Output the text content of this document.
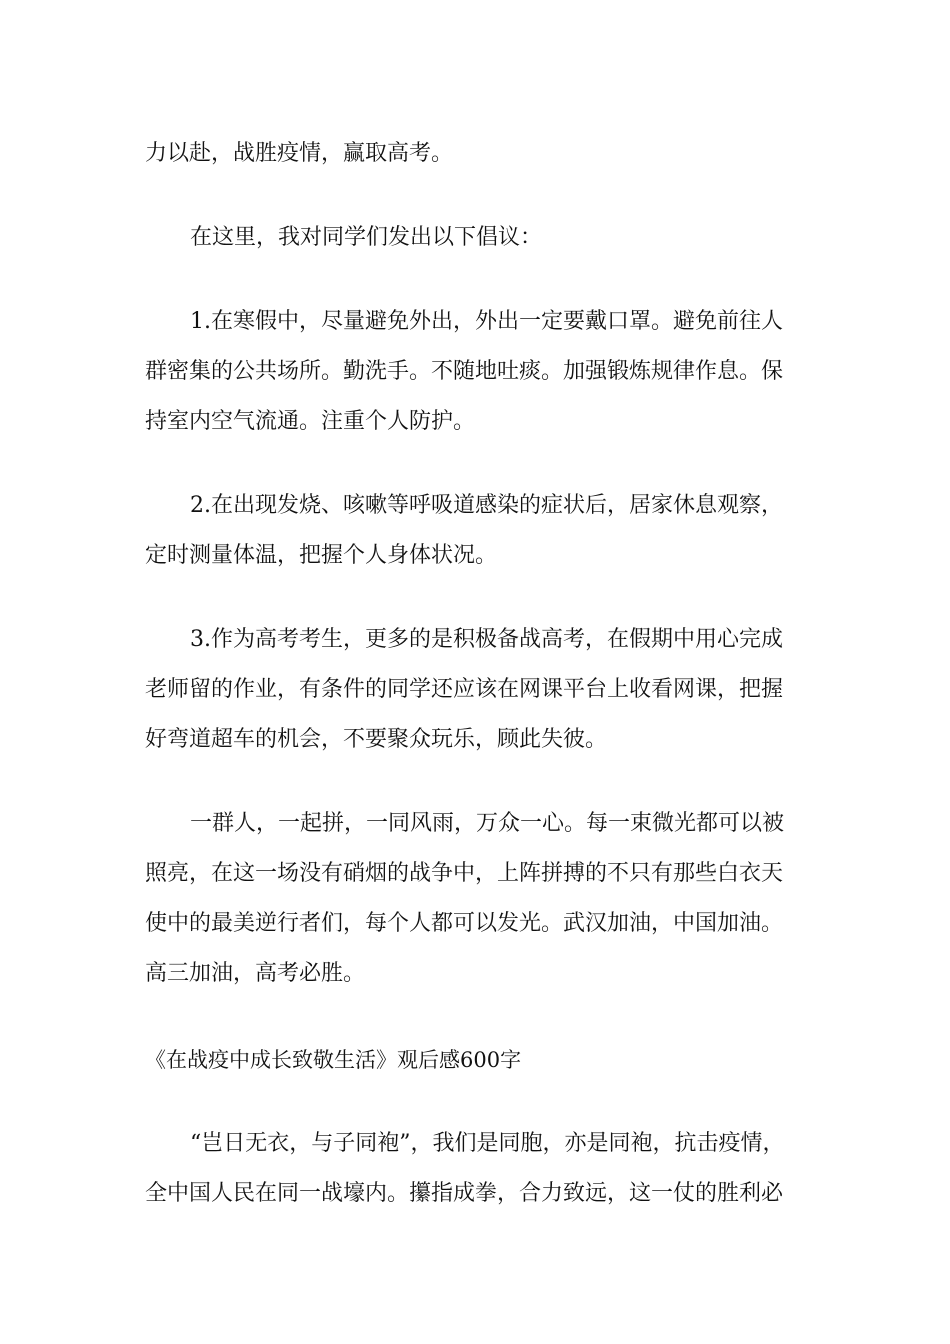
力以赴，战胜疫情，赢取高考。
在这里，我对同学们发出以下倡议：
1.在寒假中，尽量避免外出，外出一定要戴口罩。避免前往人
群密集的公共场所。勤洗手。不随地吐痰。加强锻炼规律作息。保
持室内空气流通。注重个人防护。
2.在出现发烧、咳嗽等呼吸道感染的症状后，居家休息观察，
定时测量体温，把握个人身体状况。
3.作为高考考生，更多的是积极备战高考，在假期中用心完成
老师留的作业，有条件的同学还应该在网课平台上收看网课，把握
好弯道超车的机会，不要聚众玩乐，顾此失彼。
一群人，一起拼，一同风雨，万众一心。每一束微光都可以被
照亮，在这一场没有硝烟的战争中，上阵拼搏的不只有那些白衣天
使中的最美逆行者们，每个人都可以发光。武汉加油，中国加油。
高三加油，高考必胜。
《在战疫中成长致敬生活》观后感600字
“岂日无衣，与子同袍”，我们是同胞，亦是同袍，抗击疫情，
全中国人民在同一战壕内。攥指成拳，合力致远，这一仗的胜利必
